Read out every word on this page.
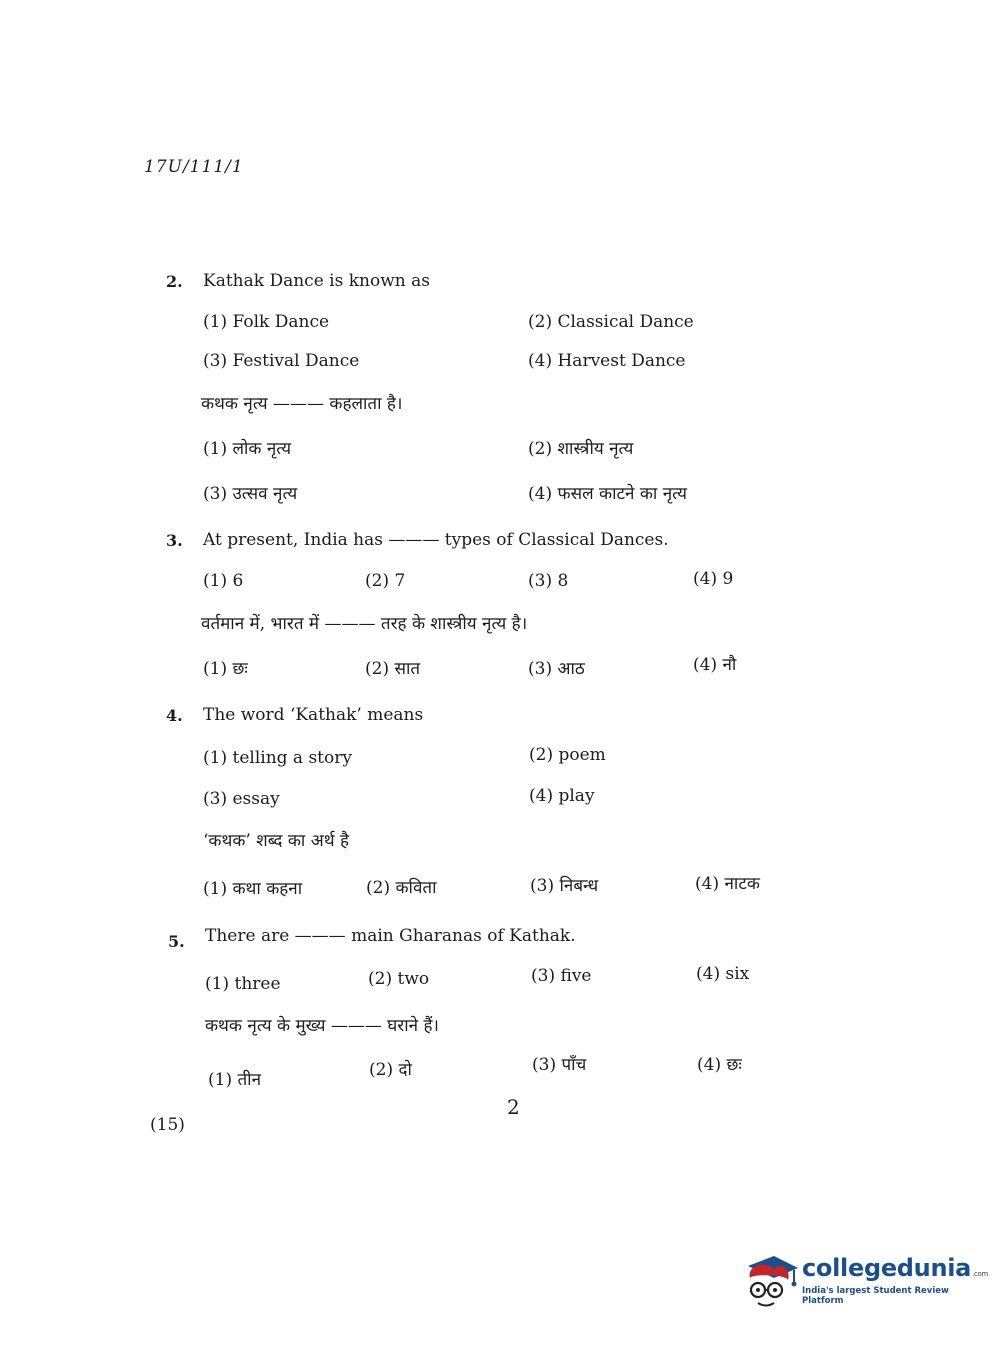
17U/111/1
2. Kathak Dance is known as
(1) Folk Dance	(2) Classical Dance
(3) Festival Dance	(4) Harvest Dance
कथक नृत्य ——— कहलाता है।
(1) लोक नृत्य	(2) शास्त्रीय नृत्य
(3) उत्सव नृत्य	(4) फसल काटने का नृत्य
3. At present, India has ——— types of Classical Dances.
(1) 6	(2) 7	(3) 8	(4) 9
वर्तमान में, भारत में ——— तरह के शास्त्रीय नृत्य है।
(1) छः	(2) सात	(3) आठ	(4) नौ
4. The word ‘Kathak’ means
(1) telling a story	(2) poem
(3) essay	(4) play
‘कथक’ शब्द का अर्थ है
(1) कथा कहना	(2) कविता	(3) निबन्ध	(4) नाटक
5. There are ——— main Gharanas of Kathak.
(1) three	(2) two	(3) five	(4) six
कथक नृत्य के मुख्य ——— घराने हैं।
(1) तीन	(2) दो	(3) पाँच	(4) छः
2
(15)
collegedunia.com
India's largest Student Review Platform
